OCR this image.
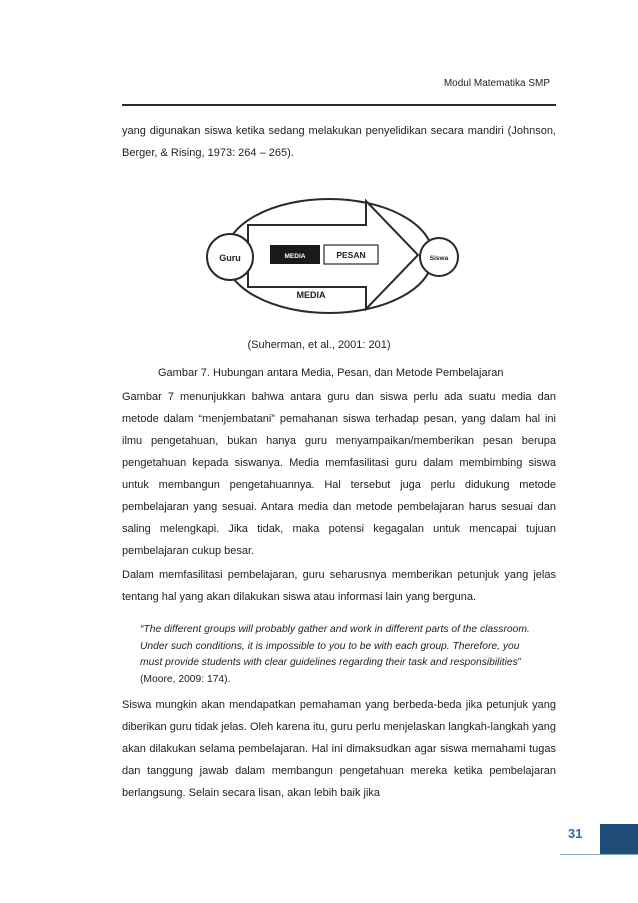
Modul Matematika SMP
yang digunakan siswa ketika sedang melakukan penyelidikan secara mandiri (Johnson, Berger, & Rising, 1973: 264 – 265).
Guru	Siswa
MEDIA	PESAN
MEDIA
(Suherman, et al., 2001: 201)
Gambar 7. Hubungan antara Media, Pesan, dan Metode Pembelajaran
Gambar 7 menunjukkan bahwa antara guru dan siswa perlu ada suatu media dan metode dalam “menjembatani” pemahanan siswa terhadap pesan, yang dalam hal ini ilmu pengetahuan, bukan hanya guru menyampaikan/memberikan pesan berupa pengetahuan kepada siswanya. Media memfasilitasi guru dalam membimbing siswa untuk membangun pengetahuannya. Hal tersebut juga perlu didukung metode pembelajaran yang sesuai. Antara media dan metode pembelajaran harus sesuai dan saling melengkapi. Jika tidak, maka potensi kegagalan untuk mencapai tujuan pembelajaran cukup besar.
Dalam memfasilitasi pembelajaran, guru seharusnya memberikan petunjuk yang jelas tentang hal yang akan dilakukan siswa atau informasi lain yang berguna.
“The different groups will probably gather and work in different parts of the classroom. Under such conditions, it is impossible to you to be with each group. Therefore, you must provide students with clear guidelines regarding their task and responsibilities” (Moore, 2009: 174).
Siswa mungkin akan mendapatkan pemahaman yang berbeda-beda jika petunjuk yang diberikan guru tidak jelas. Oleh karena itu, guru perlu menjelaskan langkah-langkah yang akan dilakukan selama pembelajaran. Hal ini dimaksudkan agar siswa memahami tugas dan tanggung jawab dalam membangun pengetahuan mereka ketika pembelajaran berlangsung. Selain secara lisan, akan lebih baik jika
31
